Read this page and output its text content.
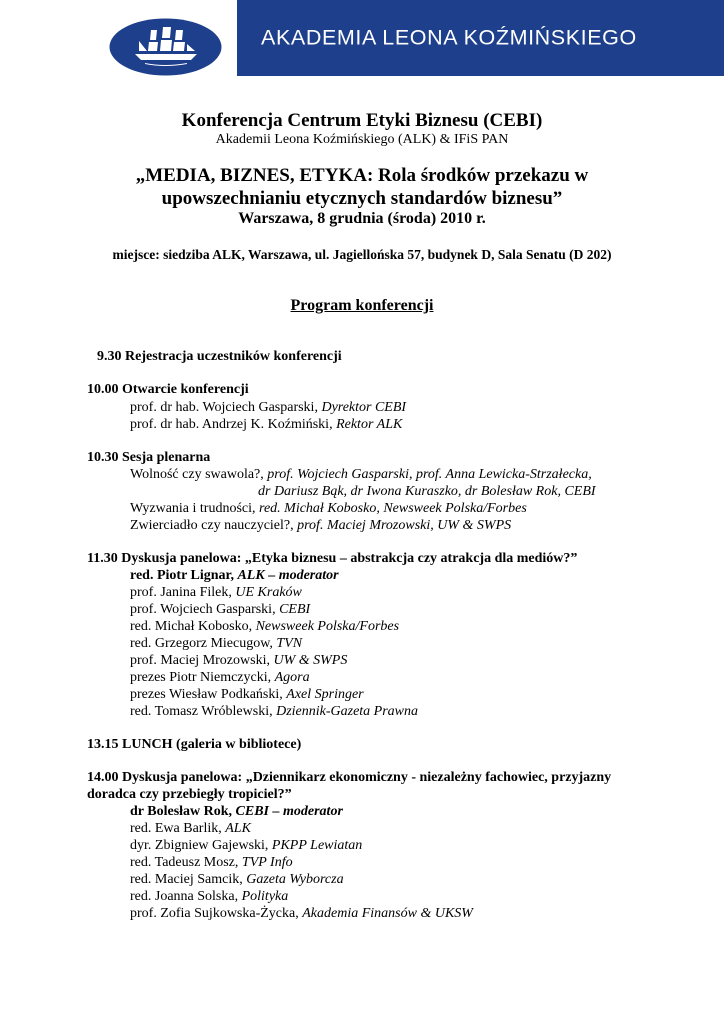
AKADEMIA LEONA KOŹMIŃSKIEGO
Konferencja Centrum Etyki Biznesu (CEBI)
Akademii Leona Koźmińskiego (ALK) & IFiS PAN
„MEDIA, BIZNES, ETYKA: Rola środków przekazu w
upowszechnianiu etycznych standardów biznesu”
Warszawa, 8 grudnia (środa) 2010 r.
miejsce: siedziba ALK, Warszawa, ul. Jagiellońska 57, budynek D, Sala Senatu (D 202)
Program konferencji
9.30 Rejestracja uczestników konferencji
10.00 Otwarcie konferencji
prof. dr hab. Wojciech Gasparski, Dyrektor CEBI
prof. dr hab. Andrzej K. Koźmiński, Rektor ALK
10.30 Sesja plenarna
Wolność czy swawola?, prof. Wojciech Gasparski, prof. Anna Lewicka-Strzałecka,
dr Dariusz Bąk, dr Iwona Kuraszko, dr Bolesław Rok, CEBI
Wyzwania i trudności, red. Michał Kobosko, Newsweek Polska/Forbes
Zwierciadło czy nauczyciel?, prof. Maciej Mrozowski, UW & SWPS
11.30 Dyskusja panelowa: „Etyka biznesu – abstrakcja czy atrakcja dla mediów?”
red. Piotr Lignar, ALK – moderator
prof. Janina Filek, UE Kraków
prof. Wojciech Gasparski, CEBI
red. Michał Kobosko, Newsweek Polska/Forbes
red. Grzegorz Miecugow, TVN
prof. Maciej Mrozowski, UW & SWPS
prezes Piotr Niemczycki, Agora
prezes Wiesław Podkański, Axel Springer
red. Tomasz Wróblewski, Dziennik-Gazeta Prawna
13.15 LUNCH (galeria w bibliotece)
14.00 Dyskusja panelowa: „Dziennikarz ekonomiczny - niezależny fachowiec, przyjazny
doradca czy przebiegły tropiciel?”
dr Bolesław Rok, CEBI – moderator
red. Ewa Barlik, ALK
dyr. Zbigniew Gajewski, PKPP Lewiatan
red. Tadeusz Mosz, TVP Info
red. Maciej Samcik, Gazeta Wyborcza
red. Joanna Solska, Polityka
prof. Zofia Sujkowska-Życka, Akademia Finansów & UKSW
